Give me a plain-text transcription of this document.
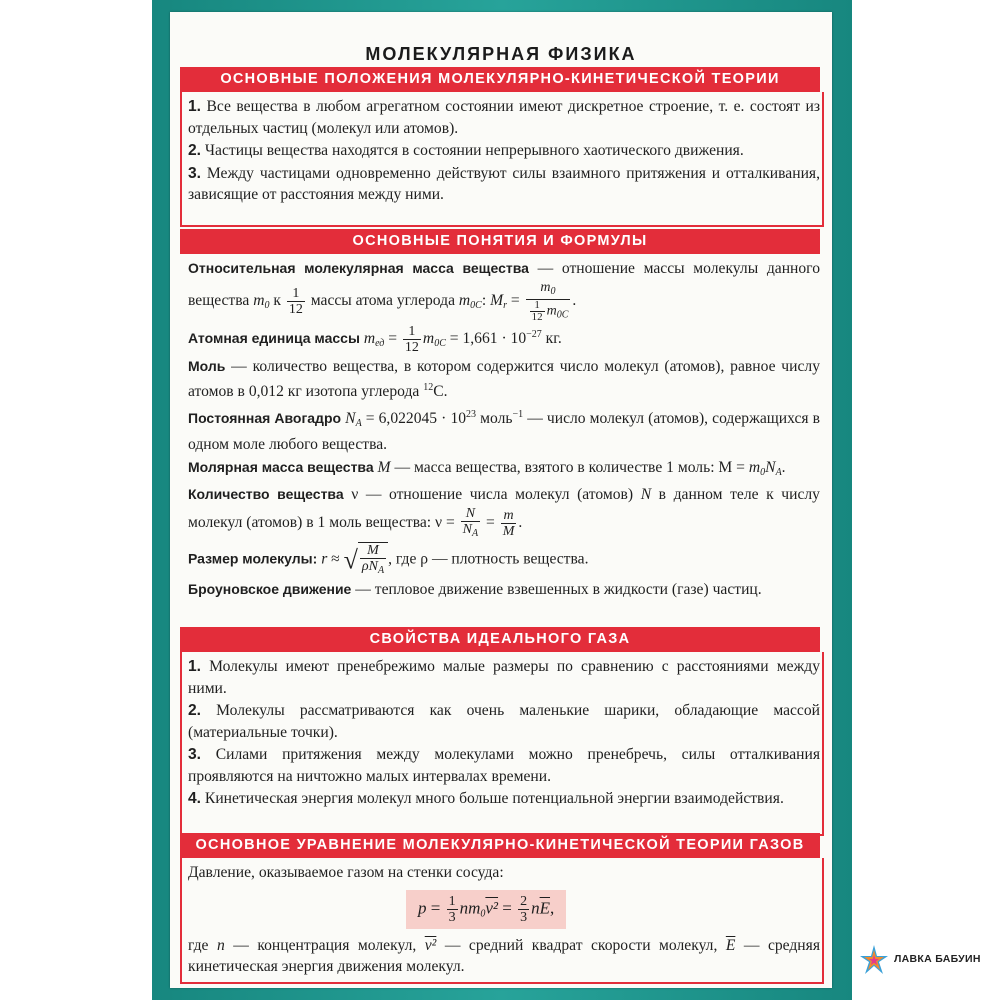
МОЛЕКУЛЯРНАЯ ФИЗИКА
ОСНОВНЫЕ ПОЛОЖЕНИЯ МОЛЕКУЛЯРНО-КИНЕТИЧЕСКОЙ ТЕОРИИ

1. Все вещества в любом агрегатном состоянии имеют дискретное строение, т. е. состоят из отдельных частиц (молекул или атомов).

2. Частицы вещества находятся в состоянии непрерывного хаотического движения.

3. Между частицами одновременно действуют силы взаимного притяжения и отталкивания, зависящие от расстояния между ними.

ОСНОВНЫЕ ПОНЯТИЯ И ФОРМУЛЫ

Относительная молекулярная масса вещества — отношение массы молекулы данного вещества $m_0$ к $\frac{1}{12}$ массы атома углерода $m_{0C}$: $M_r = \frac{m_0}{\frac{1}{12} m_{0C}}$ .

Атомная единица массы $m_{ед} = \frac{1}{12} m_{0C} = 1,661 \cdot 10^{-27}$ кг.

Моль — количество вещества, в котором содержится число молекул (атомов), равное числу атомов в 0,012 кг изотопа углерода $^{12}$C.

Постоянная Авогадро $N_A = 6,022045 \cdot 10^{23}$ моль$^{-1}$ — число молекул (атомов), содержащихся в одном моле любого вещества.

Молярная масса вещества M — масса вещества, взятого в количестве 1 моль: $M = m_0N_A$.

Количество вещества ν — отношение числа молекул (атомов) N в данном теле к числу молекул (атомов) в 1 моль вещества: $\nu = \frac{N}{N_A} = \frac{m}{M}$ .

Размер молекулы: r ≈ √ $\frac{M}{\rho N_A}$ , где ρ — плотность вещества.

Броуновское движение — тепловое движение взвешенных в жидкости (газе) частиц.

СВОЙСТВА ИДЕАЛЬНОГО ГАЗА

1. Молекулы имеют пренебрежимо малые размеры по сравнению с расстояниями между ними.

2. Молекулы рассматриваются как очень маленькие шарики, обладающие массой (материальные точки).

3. Силами притяжения между молекулами можно пренебречь, силы отталкивания проявляются на ничтожно малых интервалах времени.

4. Кинетическая энергия молекул много больше потенциальной энергии взаимодействия.

ОСНОВНОЕ УРАВНЕНИЕ МОЛЕКУЛЯРНО-КИНЕТИЧЕСКОЙ ТЕОРИИ ГАЗОВ

Давление, оказываемое газом на стенки сосуда:

$p = \frac{1}{3} nm_0v^2 = \frac{2}{3} n\overline{E}$,

где n — концентрация молекул, v² — средний квадрат скорости молекул, $\overline{E}$ — средняя кинетическая энергия движения молекул.	ЛАВКА БАБУИН
